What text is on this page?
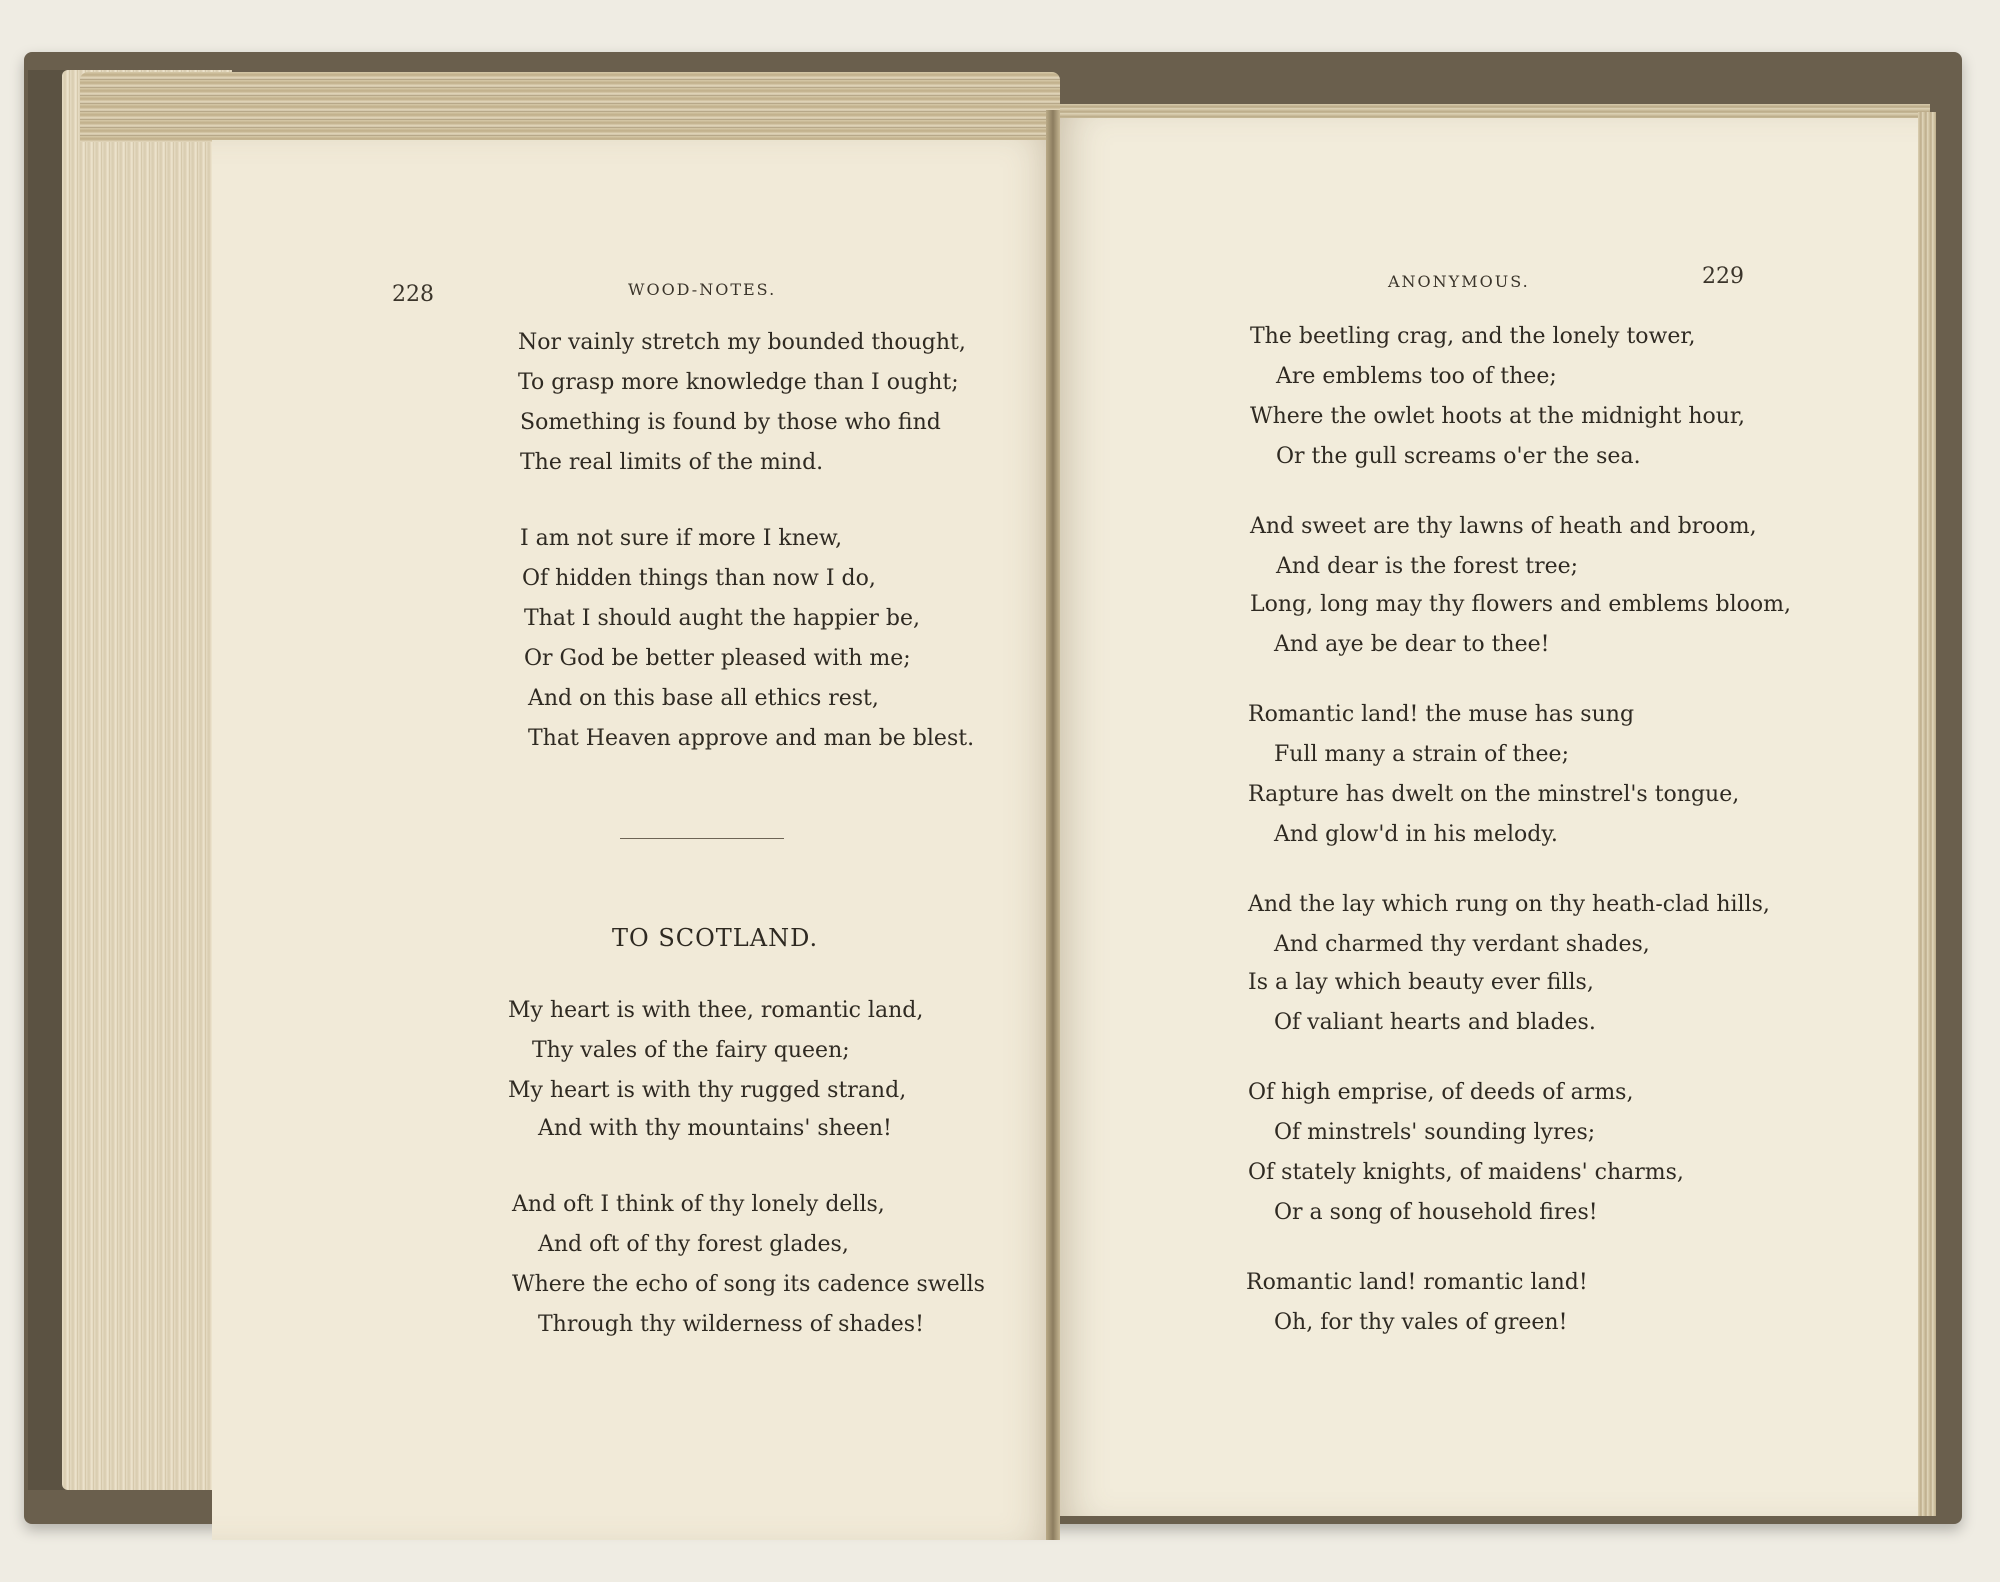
228	WOOD-NOTES.
Nor vainly stretch my bounded thought,
To grasp more knowledge than I ought;
Something is found by those who find
The real limits of the mind.
I am not sure if more I knew,
Of hidden things than now I do,
That I should aught the happier be,
Or God be better pleased with me;
And on this base all ethics rest,
That Heaven approve and man be blest.
TO SCOTLAND.
My heart is with thee, romantic land,
Thy vales of the fairy queen;
My heart is with thy rugged strand,
And with thy mountains' sheen!
And oft I think of thy lonely dells,
And oft of thy forest glades,
Where the echo of song its cadence swells
Through thy wilderness of shades!
ANONYMOUS.	229
The beetling crag, and the lonely tower,
Are emblems too of thee;
Where the owlet hoots at the midnight hour,
Or the gull screams o'er the sea.
And sweet are thy lawns of heath and broom,
And dear is the forest tree;
Long, long may thy flowers and emblems bloom,
And aye be dear to thee!
Romantic land! the muse has sung
Full many a strain of thee;
Rapture has dwelt on the minstrel's tongue,
And glow'd in his melody.
And the lay which rung on thy heath-clad hills,
And charmed thy verdant shades,
Is a lay which beauty ever fills,
Of valiant hearts and blades.
Of high emprise, of deeds of arms,
Of minstrels' sounding lyres;
Of stately knights, of maidens' charms,
Or a song of household fires!
Romantic land! romantic land!
Oh, for thy vales of green!
